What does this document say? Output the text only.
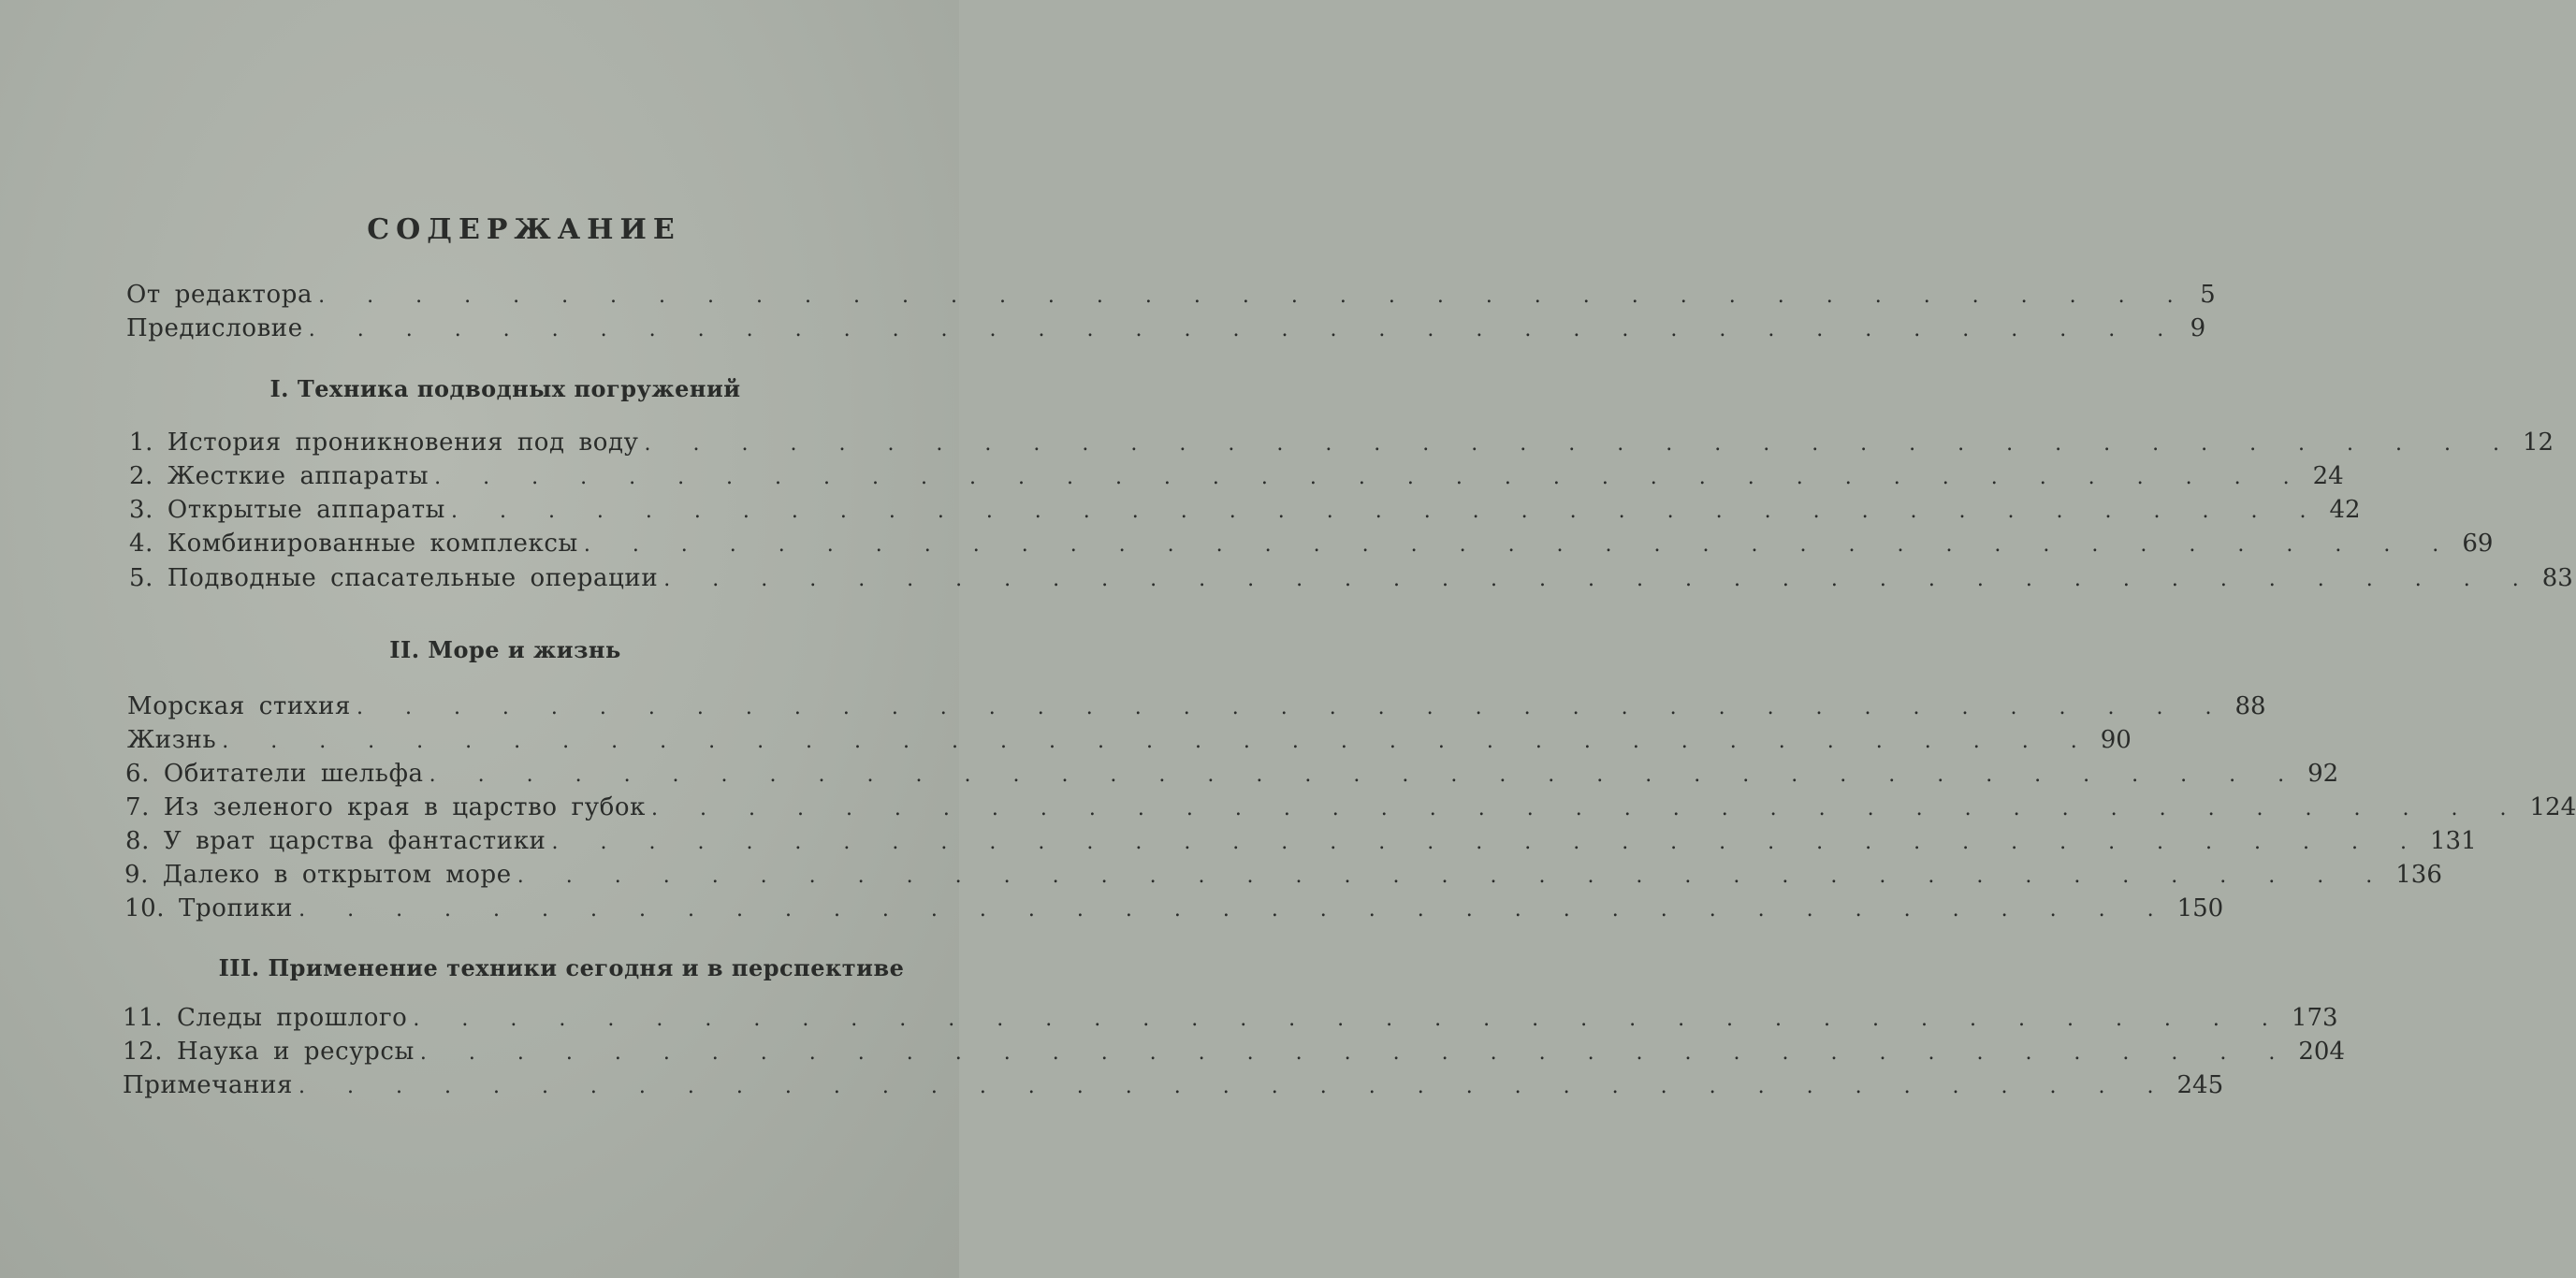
СОДЕРЖАНИЕ
От редактора . . . . . . . . . . . . . . . . . . . . . . . . . . . . . . . . . . . . . . . 5
Предисловие . . . . . . . . . . . . . . . . . . . . . . . . . . . . . . . . . . . . . . . 9
I. Техника подводных погружений
1. История проникновения под воду . . . . . . . . . . . . . . . . . . . . . . . . . . . . . . . . . . . . . . . 12
2. Жесткие аппараты . . . . . . . . . . . . . . . . . . . . . . . . . . . . . . . . . . . . . . . 24
3. Открытые аппараты . . . . . . . . . . . . . . . . . . . . . . . . . . . . . . . . . . . . . . . 42
4. Комбинированные комплексы . . . . . . . . . . . . . . . . . . . . . . . . . . . . . . . . . . . . . . . 69
5. Подводные спасательные операции . . . . . . . . . . . . . . . . . . . . . . . . . . . . . . . . . . . . . . . 83
II. Море и жизнь
Морская стихия . . . . . . . . . . . . . . . . . . . . . . . . . . . . . . . . . . . . . . . 88
Жизнь . . . . . . . . . . . . . . . . . . . . . . . . . . . . . . . . . . . . . . . 90
6. Обитатели шельфа . . . . . . . . . . . . . . . . . . . . . . . . . . . . . . . . . . . . . . . 92
7. Из зеленого края в царство губок . . . . . . . . . . . . . . . . . . . . . . . . . . . . . . . . . . . . . . . 124
8. У врат царства фантастики . . . . . . . . . . . . . . . . . . . . . . . . . . . . . . . . . . . . . . . 131
9. Далеко в открытом море . . . . . . . . . . . . . . . . . . . . . . . . . . . . . . . . . . . . . . . 136
10. Тропики . . . . . . . . . . . . . . . . . . . . . . . . . . . . . . . . . . . . . . . 150
III. Применение техники сегодня и в перспективе
11. Следы прошлого . . . . . . . . . . . . . . . . . . . . . . . . . . . . . . . . . . . . . . . 173
12. Наука и ресурсы . . . . . . . . . . . . . . . . . . . . . . . . . . . . . . . . . . . . . . . 204
Примечания . . . . . . . . . . . . . . . . . . . . . . . . . . . . . . . . . . . . . . . 245
